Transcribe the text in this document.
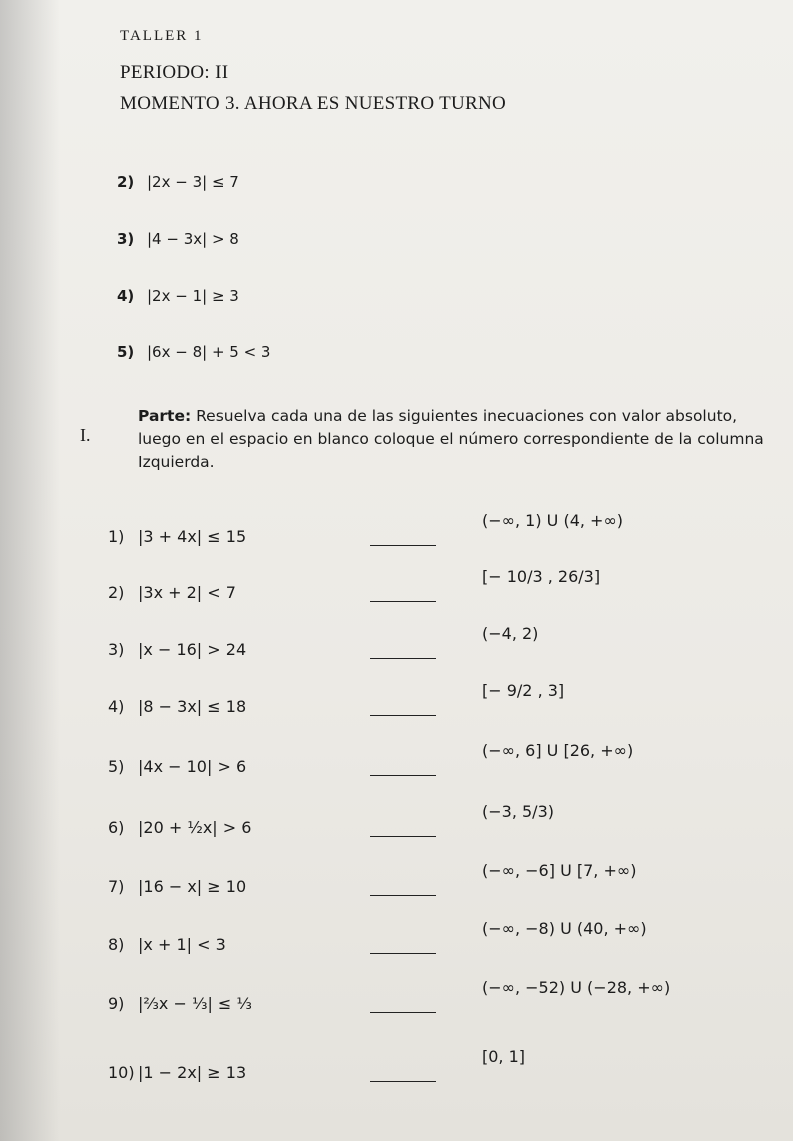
TALLER 1
PERIODO: II
MOMENTO 3. AHORA ES NUESTRO TURNO
2) |2x − 3| ≤ 7
3) |4 − 3x| > 8
4) |2x − 1| ≥ 3
5) |6x − 8| + 5 < 3
I.
Parte: Resuelva cada una de las siguientes inecuaciones con valor absoluto, luego en el espacio en blanco coloque el número correspondiente de la columna Izquierda.
1) |3 + 4x| ≤ 15
(−∞, 1) U (4, +∞)
2) |3x + 2| < 7
[− 10/3 , 26/3]
3) |x − 16| > 24
(−4, 2)
4) |8 − 3x| ≤ 18
[− 9/2 , 3]
5) |4x − 10| > 6
(−∞, 6] U [26, +∞)
6) |20 + ½x| > 6
(−3, 5/3)
7) |16 − x| ≥ 10
(−∞, −6] U [7, +∞)
8) |x + 1| < 3
(−∞, −8) U (40, +∞)
9) |⅔x − ⅓| ≤ ⅓
(−∞, −52) U (−28, +∞)
10) |1 − 2x| ≥ 13
[0, 1]
